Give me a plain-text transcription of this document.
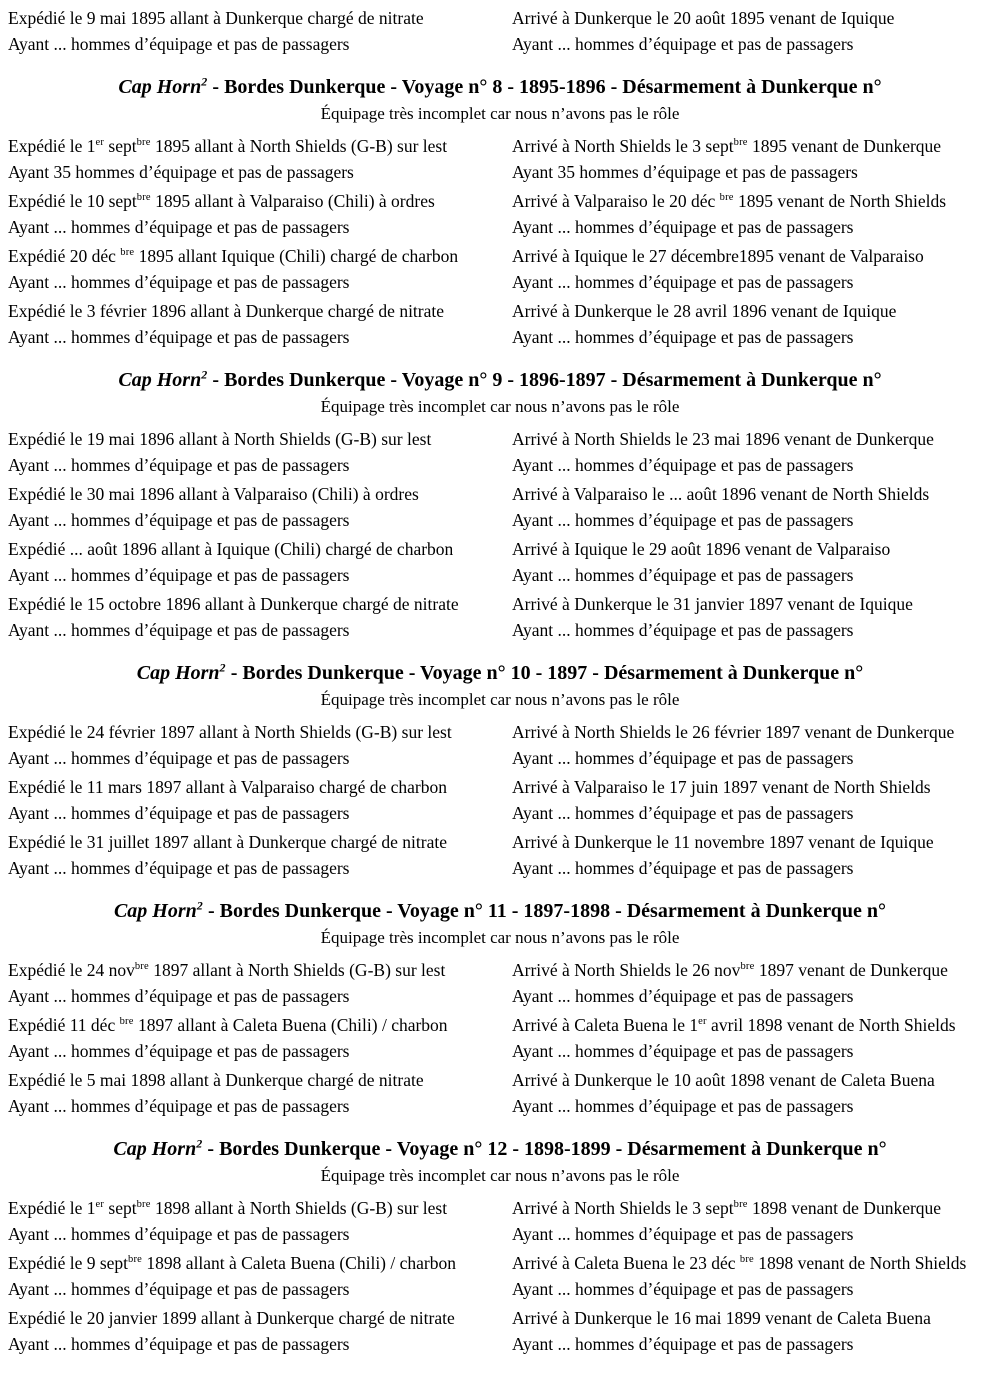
Expédié le 9 mai 1895 allant à Dunkerque chargé de nitrate
Ayant ... hommes d’équipage et pas de passagers
Arrivé à Dunkerque le 20 août 1895 venant de Iquique
Ayant ... hommes d’équipage et pas de passagers
Cap Horn$^2$ - Bordes Dunkerque - Voyage n° 8 - 1895-1896 - Désarmement à Dunkerque n°
Équipage très incomplet car nous n’avons pas le rôle
Expédié le 1er sept$^{bre}$ 1895 allant à North Shields (G-B) sur lest
Ayant 35 hommes d’équipage et pas de passagers
Arrivé à North Shields le 3 sept$^{bre}$ 1895 venant de Dunkerque
Ayant 35 hommes d’équipage et pas de passagers
Expédié le 10 sept$^{bre}$ 1895 allant à Valparaiso (Chili) à ordres
Ayant ... hommes d’équipage et pas de passagers
Arrivé à Valparaiso le 20 déc $^{bre}$ 1895 venant de North Shields
Ayant ... hommes d’équipage et pas de passagers
Expédié 20 déc $^{bre}$ 1895 allant Iquique (Chili) chargé de charbon
Ayant ... hommes d’équipage et pas de passagers
Arrivé à Iquique le 27 décembre1895 venant de Valparaiso
Ayant ... hommes d’équipage et pas de passagers
Expédié le 3 février 1896 allant à Dunkerque chargé de nitrate
Ayant ... hommes d’équipage et pas de passagers
Arrivé à Dunkerque le 28 avril 1896 venant de Iquique
Ayant ... hommes d’équipage et pas de passagers
Cap Horn$^2$ - Bordes Dunkerque - Voyage n° 9 - 1896-1897 - Désarmement à Dunkerque n°
Équipage très incomplet car nous n’avons pas le rôle
Expédié le 19 mai 1896 allant à North Shields (G-B) sur lest
Ayant ... hommes d’équipage et pas de passagers
Arrivé à North Shields le 23 mai 1896 venant de Dunkerque
Ayant ... hommes d’équipage et pas de passagers
Expédié le 30 mai 1896 allant à Valparaiso (Chili) à ordres
Ayant ... hommes d’équipage et pas de passagers
Arrivé à Valparaiso le ... août 1896 venant de North Shields
Ayant ... hommes d’équipage et pas de passagers
Expédié ... août 1896 allant à Iquique (Chili) chargé de charbon
Ayant ... hommes d’équipage et pas de passagers
Arrivé à Iquique le 29 août 1896 venant de Valparaiso
Ayant ... hommes d’équipage et pas de passagers
Expédié le 15 octobre 1896 allant à Dunkerque chargé de nitrate
Ayant ... hommes d’équipage et pas de passagers
Arrivé à Dunkerque le 31 janvier 1897 venant de Iquique
Ayant ... hommes d’équipage et pas de passagers
Cap Horn$^2$ - Bordes Dunkerque - Voyage n° 10 - 1897 - Désarmement à Dunkerque n°
Équipage très incomplet car nous n’avons pas le rôle
Expédié le 24 février 1897 allant à North Shields (G-B) sur lest
Ayant ... hommes d’équipage et pas de passagers
Arrivé à North Shields le 26 février 1897 venant de Dunkerque
Ayant ... hommes d’équipage et pas de passagers
Expédié le 11 mars 1897 allant à Valparaiso chargé de charbon
Ayant ... hommes d’équipage et pas de passagers
Arrivé à Valparaiso le 17 juin 1897 venant de North Shields
Ayant ... hommes d’équipage et pas de passagers
Expédié le 31 juillet 1897 allant à Dunkerque chargé de nitrate
Ayant ... hommes d’équipage et pas de passagers
Arrivé à Dunkerque le 11 novembre 1897 venant de Iquique
Ayant ... hommes d’équipage et pas de passagers
Cap Horn$^2$ - Bordes Dunkerque - Voyage n° 11 - 1897-1898 - Désarmement à Dunkerque n°
Équipage très incomplet car nous n’avons pas le rôle
Expédié le 24 nov$^{bre}$ 1897 allant à North Shields (G-B) sur lest
Ayant ... hommes d’équipage et pas de passagers
Arrivé à North Shields le 26 nov$^{bre}$ 1897 venant de Dunkerque
Ayant ... hommes d’équipage et pas de passagers
Expédié 11 déc $^{bre}$ 1897 allant à Caleta Buena (Chili) / charbon
Ayant ... hommes d’équipage et pas de passagers
Arrivé à Caleta Buena le 1er avril 1898 venant de North Shields
Ayant ... hommes d’équipage et pas de passagers
Expédié le 5 mai 1898 allant à Dunkerque chargé de nitrate
Ayant ... hommes d’équipage et pas de passagers
Arrivé à Dunkerque le 10 août 1898 venant de Caleta Buena
Ayant ... hommes d’équipage et pas de passagers
Cap Horn$^2$ - Bordes Dunkerque - Voyage n° 12 - 1898-1899 - Désarmement à Dunkerque n°
Équipage très incomplet car nous n’avons pas le rôle
Expédié le 1er sept$^{bre}$ 1898 allant à North Shields (G-B) sur lest
Ayant ... hommes d’équipage et pas de passagers
Arrivé à North Shields le 3 sept$^{bre}$ 1898 venant de Dunkerque
Ayant ... hommes d’équipage et pas de passagers
Expédié le 9 sept$^{bre}$ 1898 allant à Caleta Buena (Chili) / charbon
Ayant ... hommes d’équipage et pas de passagers
Arrivé à Caleta Buena le 23 déc $^{bre}$ 1898 venant de North Shields
Ayant ... hommes d’équipage et pas de passagers
Expédié le 20 janvier 1899 allant à Dunkerque chargé de nitrate
Ayant ... hommes d’équipage et pas de passagers
Arrivé à Dunkerque le 16 mai 1899 venant de Caleta Buena
Ayant ... hommes d’équipage et pas de passagers
